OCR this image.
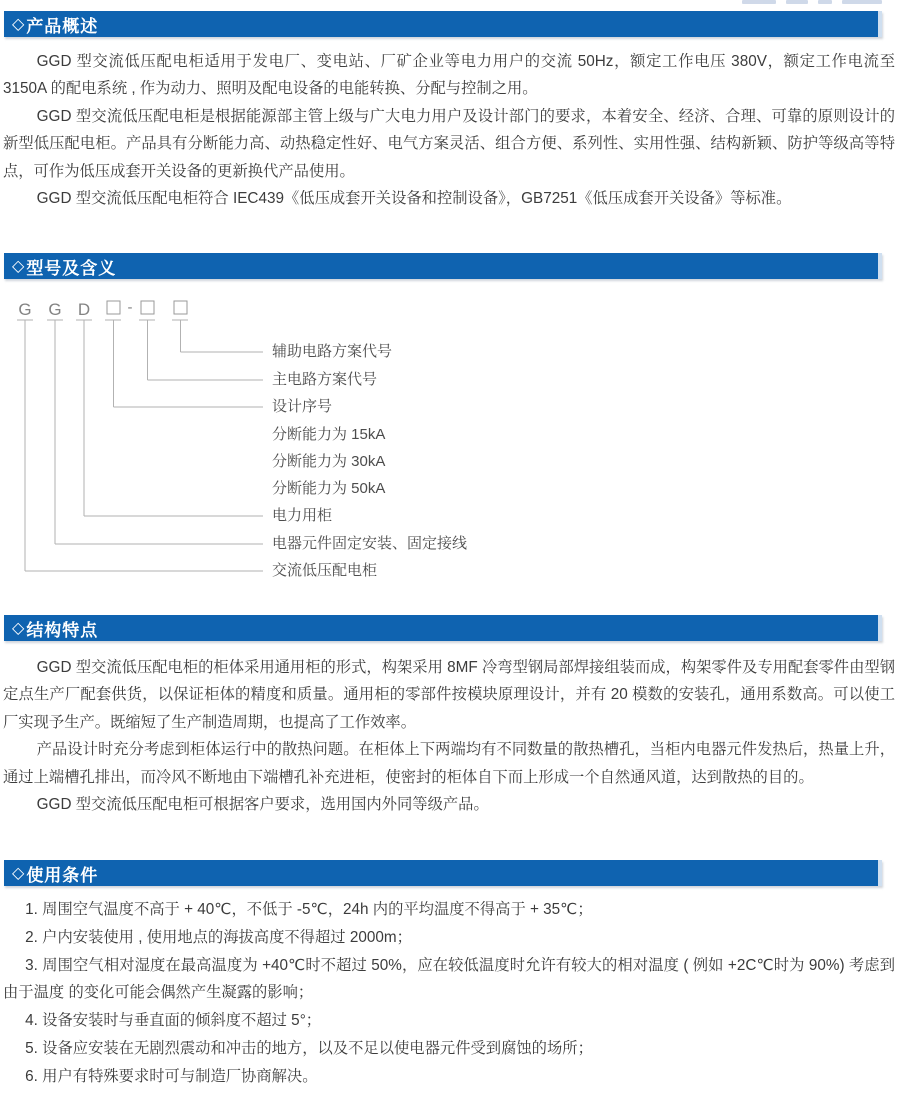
◇ 产品概述

GGD 型交流低压配电柜适用于发电厂、变电站、厂矿企业等电力用户的交流 50Hz，额定工作电压 380V，额定工作电流至 3150A 的配电系统 , 作为动力、照明及配电设备的电能转换、分配与控制之用。

GGD 型交流低压配电柜是根据能源部主管上级与广大电力用户及设计部门的要求，本着安全、经济、合理、可靠的原则设计的新型低压配电柜。产品具有分断能力高、动热稳定性好、电气方案灵活、组合方便、系列性、实用性强、结构新颖、防护等级高等特点，可作为低压成套开关设备的更新换代产品使用。

GGD 型交流低压配电柜符合 IEC439《低压成套开关设备和控制设备》，GB7251《低压成套开关设备》等标准。

◇ 型号及含义
G G D -
辅助电路方案代号
主电路方案代号
设计序号
分断能力为 15kA
分断能力为 30kA
分断能力为 50kA
电力用柜
电器元件固定安装、固定接线
交流低压配电柜
◇ 结构特点

GGD 型交流低压配电柜的柜体采用通用柜的形式，构架采用 8MF 冷弯型钢局部焊接组装而成，构架零件及专用配套零件由型钢定点生产厂配套供货，以保证柜体的精度和质量。通用柜的零部件按模块原理设计，并有 20 模数的安装孔，通用系数高。可以使工厂实现予生产。既缩短了生产制造周期，也提高了工作效率。

产品设计时充分考虑到柜体运行中的散热问题。在柜体上下两端均有不同数量的散热槽孔，当柜内电器元件发热后，热量上升，通过上端槽孔排出，而冷风不断地由下端槽孔补充进柜，使密封的柜体自下而上形成一个自然通风道，达到散热的目的。

GGD 型交流低压配电柜可根据客户要求，选用国内外同等级产品。

◇ 使用条件

1. 周围空气温度不高于 + 40℃，不低于 -5℃，24h 内的平均温度不得高于 + 35℃；

2. 户内安装使用 , 使用地点的海拔高度不得超过 2000m；

3. 周围空气相对湿度在最高温度为 +40℃时不超过 50%，应在较低温度时允许有较大的相对温度 ( 例如 +2C℃时为 90%) 考虑到由于温度 的变化可能会偶然产生凝露的影响；

4. 设备安装时与垂直面的倾斜度不超过 5°；

5. 设备应安装在无剧烈震动和冲击的地方，以及不足以使电器元件受到腐蚀的场所；

6. 用户有特殊要求时可与制造厂协商解决。
